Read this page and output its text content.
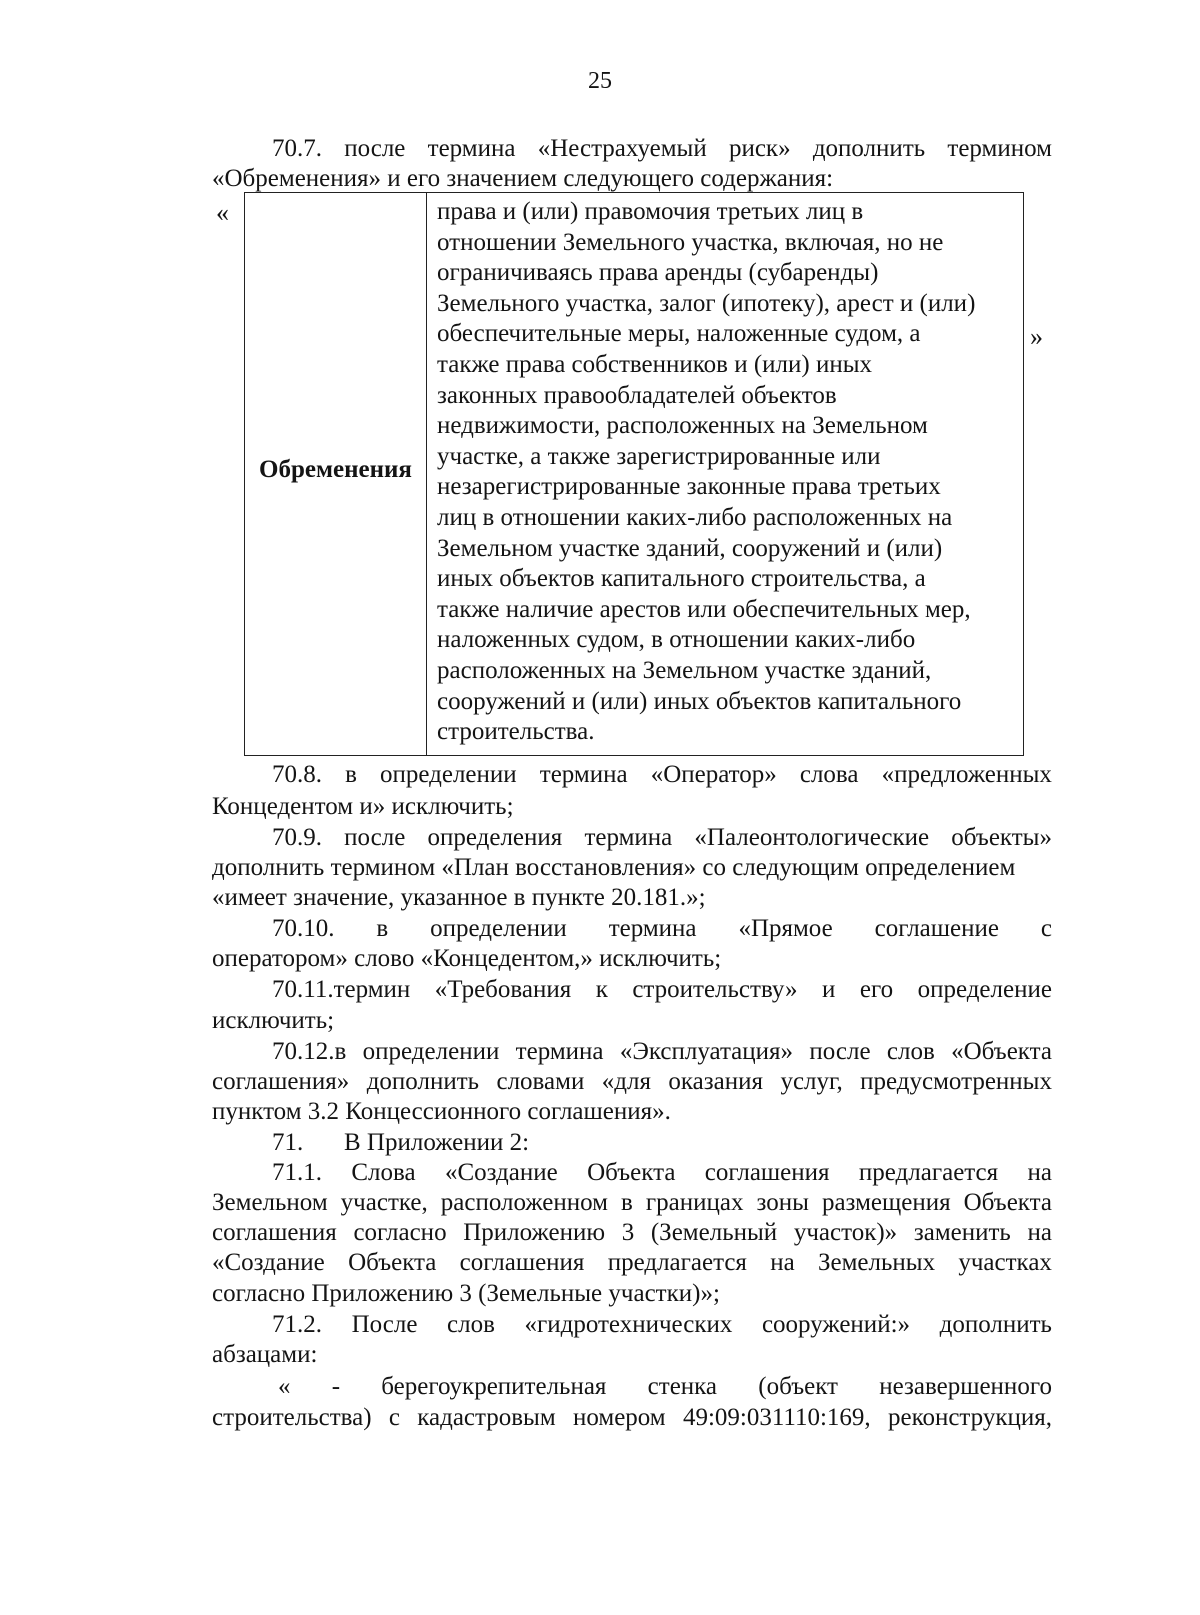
25
70.7. после термина «Нестрахуемый риск» дополнить термином
«Обременения» и его значением следующего содержания:
«
Обременения
права и (или) правомочия третьих лиц в
отношении Земельного участка, включая, но не
ограничиваясь права аренды (субаренды)
Земельного участка, залог (ипотеку), арест и (или)
обеспечительные меры, наложенные судом, а
также права собственников и (или) иных
законных правообладателей объектов
недвижимости, расположенных на Земельном
участке, а также зарегистрированные или
незарегистрированные законные права третьих
лиц в отношении каких-либо расположенных на
Земельном участке зданий, сооружений и (или)
иных объектов капитального строительства, а
также наличие арестов или обеспечительных мер,
наложенных судом, в отношении каких-либо
расположенных на Земельном участке зданий,
сооружений и (или) иных объектов капитального
строительства.
»
70.8. в определении термина «Оператор» слова «предложенных
Концедентом и» исключить;
70.9. после определения термина «Палеонтологические объекты»
дополнить термином «План восстановления» со следующим определением
«имеет значение, указанное в пункте 20.181.»;
70.10. в определении термина «Прямое соглашение с
оператором» слово «Концедентом,» исключить;
70.11.термин «Требования к строительству» и его определение
исключить;
70.12.в определении термина «Эксплуатация» после слов «Объекта
соглашения» дополнить словами «для оказания услуг, предусмотренных
пунктом 3.2 Концессионного соглашения».
71. В Приложении 2:
71.1. Слова «Создание Объекта соглашения предлагается на
Земельном участке, расположенном в границах зоны размещения Объекта
соглашения согласно Приложению 3 (Земельный участок)» заменить на
«Создание Объекта соглашения предлагается на Земельных участках
согласно Приложению 3 (Земельные участки)»;
71.2. После слов «гидротехнических сооружений:» дополнить
абзацами:
« - берегоукрепительная стенка (объект незавершенного
строительства) с кадастровым номером 49:09:031110:169, реконструкция,
